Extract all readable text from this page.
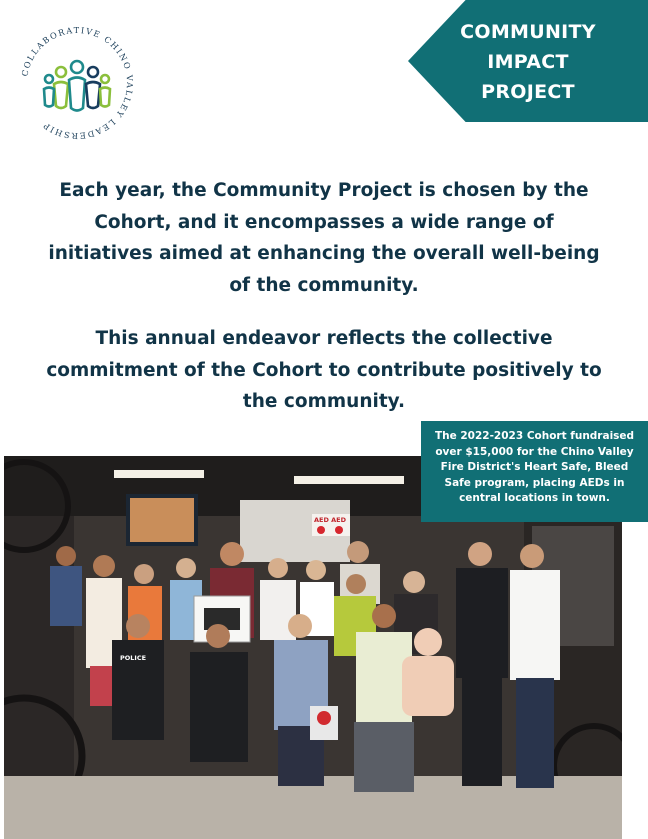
COLLABORATIVE CHINO VALLEY LEADERSHIP
COMMUNITY
IMPACT
PROJECT
Each year, the Community Project is chosen by the Cohort, and it encompasses a wide range of initiatives aimed at enhancing the overall well-being of the community.
This annual endeavor reflects the collective commitment of the Cohort to contribute positively to the community.
AED AED
POLICE
The 2022-2023 Cohort fundraised over $15,000 for the Chino Valley Fire District's Heart Safe, Bleed Safe program, placing AEDs in central locations in town.
